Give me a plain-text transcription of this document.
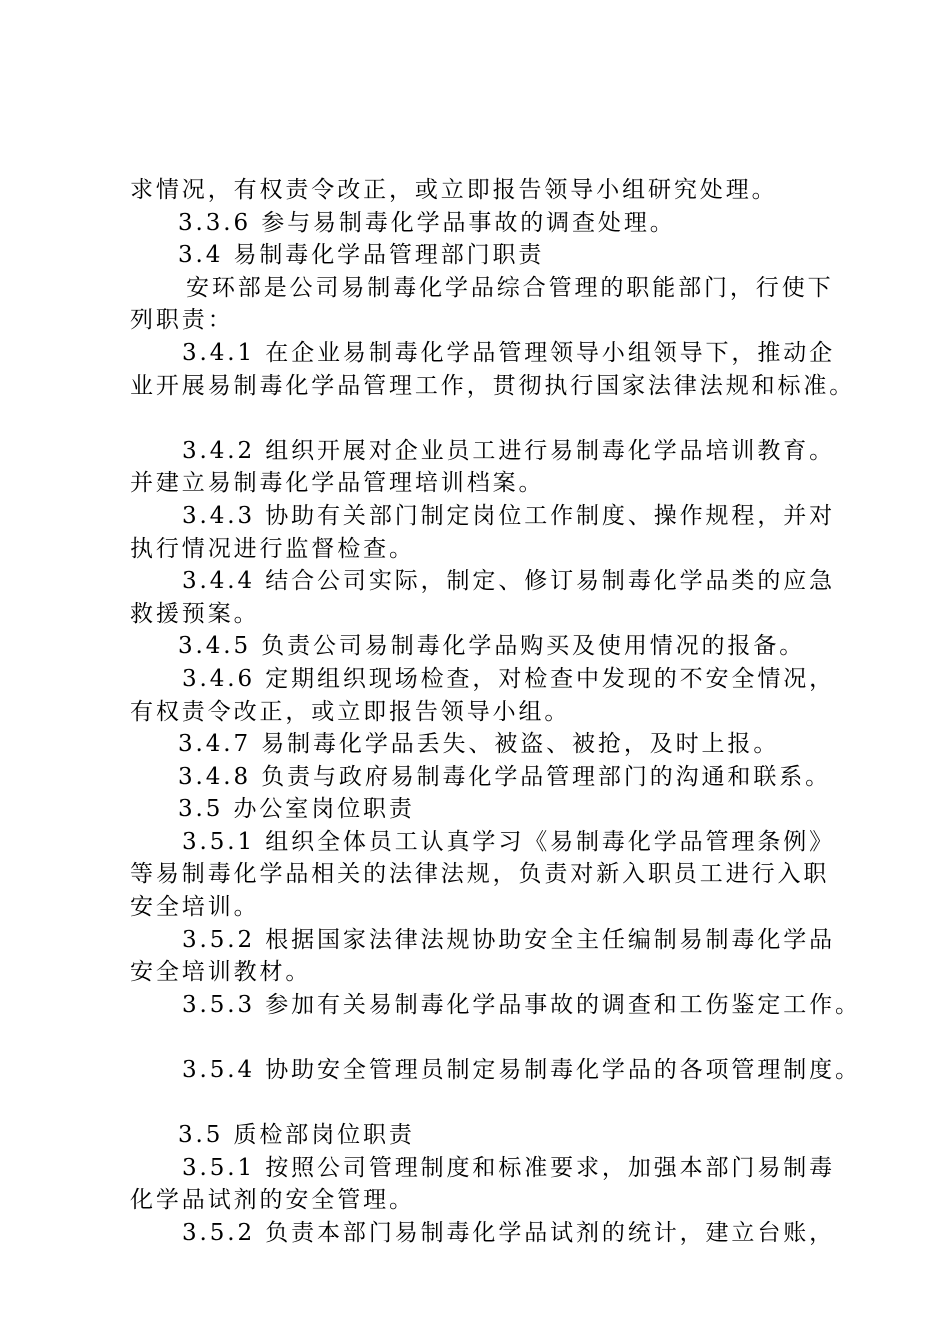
求情况，有权责令改正，或立即报告领导小组研究处理。
3.3.6 参与易制毒化学品事故的调查处理。
3.4 易制毒化学品管理部门职责
安环部是公司易制毒化学品综合管理的职能部门，行使下
列职责：
3.4.1 在企业易制毒化学品管理领导小组领导下，推动企
业开展易制毒化学品管理工作，贯彻执行国家法律法规和标准。
3.4.2 组织开展对企业员工进行易制毒化学品培训教育。
并建立易制毒化学品管理培训档案。
3.4.3 协助有关部门制定岗位工作制度、操作规程，并对
执行情况进行监督检查。
3.4.4 结合公司实际，制定、修订易制毒化学品类的应急
救援预案。
3.4.5 负责公司易制毒化学品购买及使用情况的报备。
3.4.6 定期组织现场检查，对检查中发现的不安全情况，
有权责令改正，或立即报告领导小组。
3.4.7 易制毒化学品丢失、被盗、被抢，及时上报。
3.4.8 负责与政府易制毒化学品管理部门的沟通和联系。
3.5 办公室岗位职责
3.5.1 组织全体员工认真学习《易制毒化学品管理条例》
等易制毒化学品相关的法律法规，负责对新入职员工进行入职
安全培训。
3.5.2 根据国家法律法规协助安全主任编制易制毒化学品
安全培训教材。
3.5.3 参加有关易制毒化学品事故的调查和工伤鉴定工作。
3.5.4 协助安全管理员制定易制毒化学品的各项管理制度。
3.5 质检部岗位职责
3.5.1 按照公司管理制度和标准要求，加强本部门易制毒
化学品试剂的安全管理。
3.5.2 负责本部门易制毒化学品试剂的统计，建立台账，
